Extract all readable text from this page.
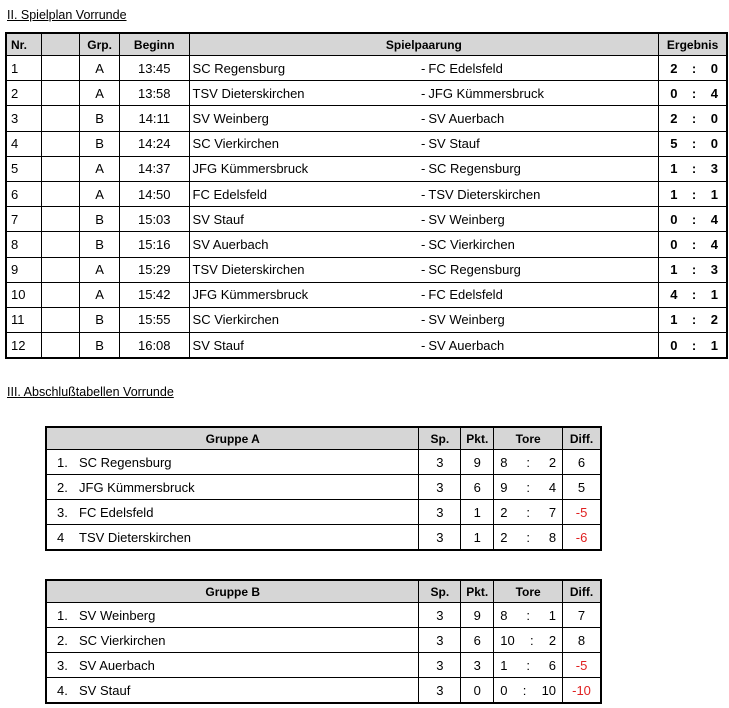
II. Spielplan Vorrunde
Nr.		Grp.	Beginn	Spielpaarung			Ergebnis
1		A	13:45	SC Regensburg	-	FC Edelsfeld	2 : 0

2		A	13:58	TSV Dieterskirchen	-	JFG Kümmersbruck	0 : 4

3		B	14:11	SV Weinberg	-	SV Auerbach	2 : 0

4		B	14:24	SC Vierkirchen	-	SV Stauf	5 : 0

5		A	14:37	JFG Kümmersbruck	-	SC Regensburg	1 : 3

6		A	14:50	FC Edelsfeld	-	TSV Dieterskirchen	1 : 1

7		B	15:03	SV Stauf	-	SV Weinberg	0 : 4

8		B	15:16	SV Auerbach	-	SC Vierkirchen	0 : 4

9		A	15:29	TSV Dieterskirchen	-	SC Regensburg	1 : 3

10		A	15:42	JFG Kümmersbruck	-	FC Edelsfeld	4 : 1

11		B	15:55	SC Vierkirchen	-	SV Weinberg	1 : 2

12		B	16:08	SV Stauf	-	SV Auerbach	0 : 1
III. Abschlußtabellen Vorrunde
Gruppe A	Sp.	Pkt.	Tore	Diff.
1. SC Regensburg	3	9	8 : 2	6
2. JFG Kümmersbruck	3	6	9 : 4	5
3. FC Edelsfeld	3	1	2 : 7	-5
4 TSV Dieterskirchen	3	1	2 : 8	-6
Gruppe B	Sp.	Pkt.	Tore	Diff.
1. SV Weinberg	3	9	8 : 1	7
2. SC Vierkirchen	3	6	10 : 2	8
3. SV Auerbach	3	3	1 : 6	-5
4. SV Stauf	3	0	0 : 10	-10
